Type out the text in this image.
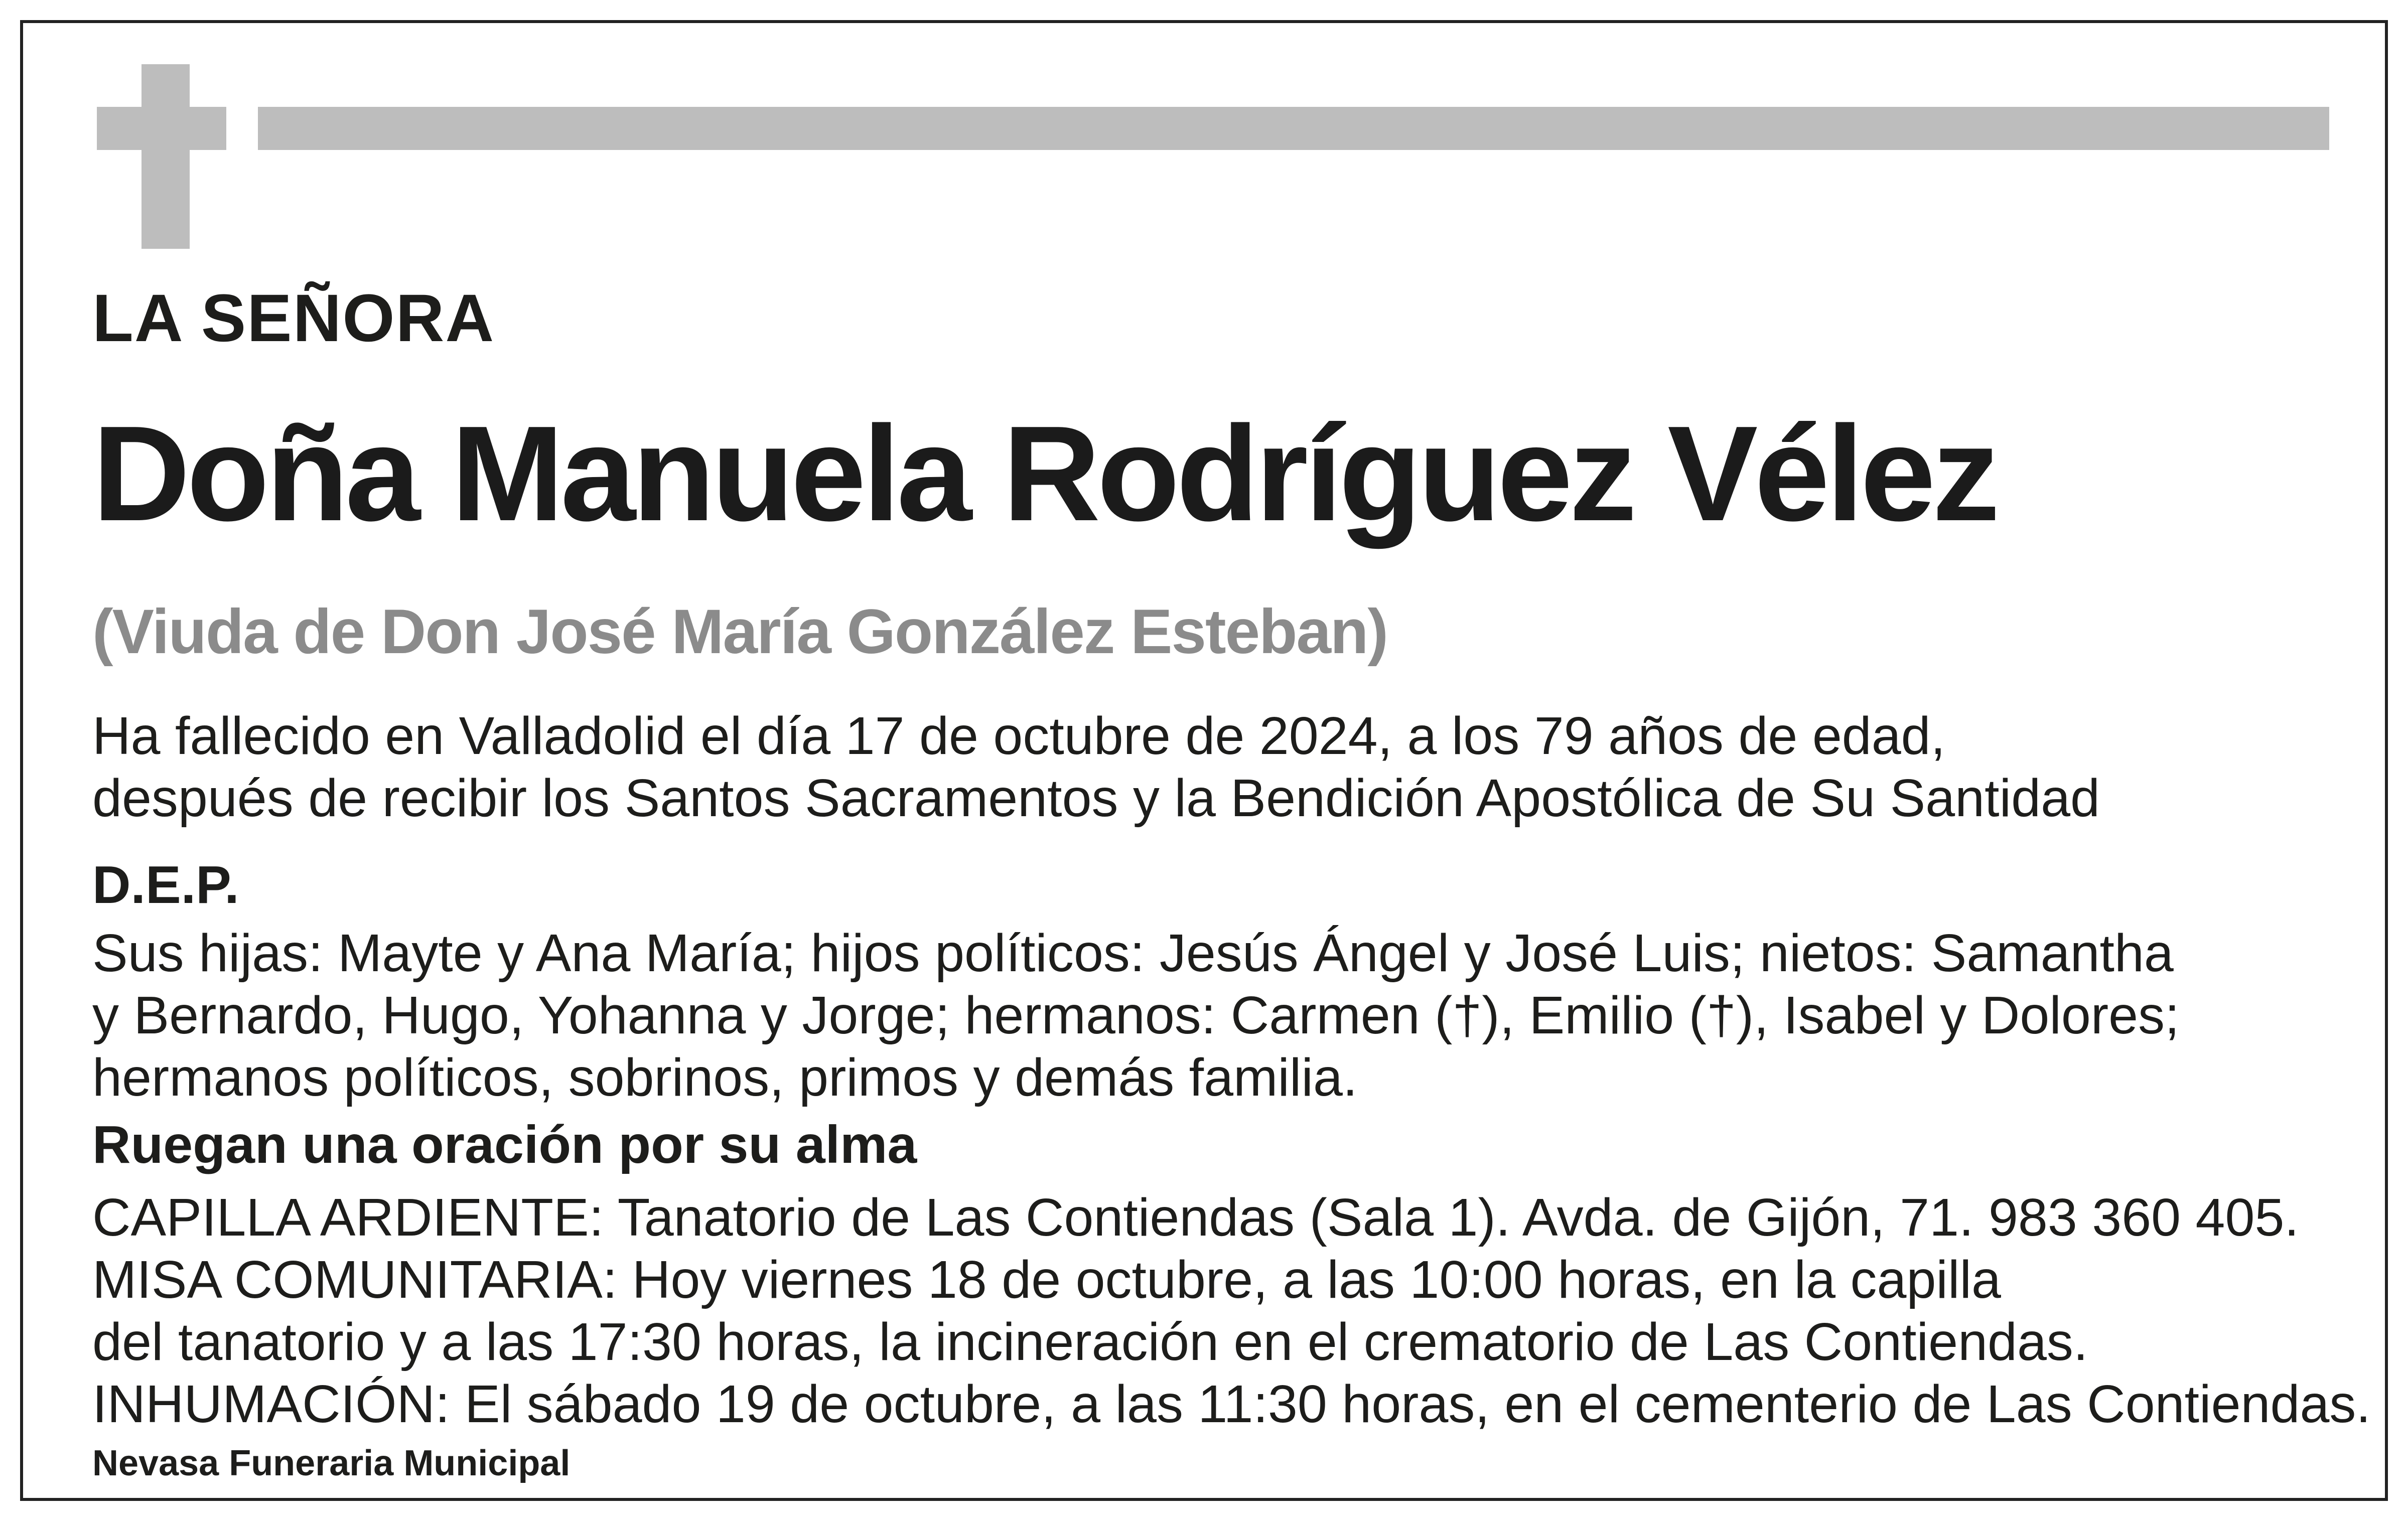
LA SEÑORA

Doña Manuela Rodríguez Vélez

(Viuda de Don José María González Esteban)

Ha fallecido en Valladolid el día 17 de octubre de 2024, a los 79 años de edad,
después de recibir los Santos Sacramentos y la Bendición Apostólica de Su Santidad

D.E.P.

Sus hijas: Mayte y Ana María; hijos políticos: Jesús Ángel y José Luis; nietos: Samantha
y Bernardo, Hugo, Yohanna y Jorge; hermanos: Carmen (†), Emilio (†), Isabel y Dolores;
hermanos políticos, sobrinos, primos y demás familia.

Ruegan una oración por su alma

CAPILLA ARDIENTE: Tanatorio de Las Contiendas (Sala 1). Avda. de Gijón, 71. 983 360 405.
MISA COMUNITARIA: Hoy viernes 18 de octubre, a las 10:00 horas, en la capilla
del tanatorio y a las 17:30 horas, la incineración en el crematorio de Las Contiendas.
INHUMACIÓN: El sábado 19 de octubre, a las 11:30 horas, en el cementerio de Las Contiendas.

Nevasa Funeraria Municipal
